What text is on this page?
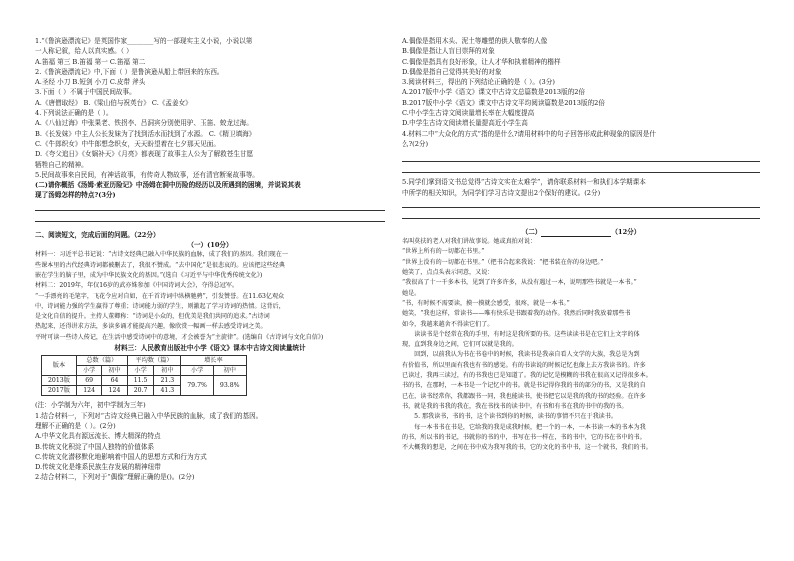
1.“《鲁滨逊漂流记》是英国作家________写的一部现实主义小说，小说以第
一人称记叙，给人以真实感。（ ）
A.笛福 第三 B.笛福 第一 C.笛福 第二
2.《鲁滨逊漂流记》中,下面（ ）是鲁滨逊从船上带回来的东西。
A.圣经 小刀 B.短剑 小刀 C.皮带 斧头
3.下面（ ）不属于中国民间故事。
A.《唐僧取经》 B.《梁山伯与祝英台》 C.《孟姜女》
4.下列说法正确的是（ ）。
A.《八仙过海》中张果老、铁拐李、吕洞宾分别使用驴、玉笛、蛟龙过海。
B.《长发妹》中主人公长发妹为了找到活水而找到了水源。 C.《精卫填海》
C.《牛郎织女》中牛郎想念织女，天天盼望着在七夕那天见面。
D.《夸父追日》《女娲补天》《月亮》都表现了故事主人公为了解救苍生甘愿
牺牲自己的精神。
5.民间故事来自民间，有神话故事，有传奇人物故事，还有清官断案故事等。
(二)请你概括《汤姆·索亚历险记》中汤姆在洞中历险的经历以及所遇到的困境，并说说其表
现了汤姆怎样的特点?(3分)
二、阅读短文，完成后面的问题。（22分）
（一）(10分）
材料一：习近平总书记说：“古诗文经典已融入中华民族的血脉，成了我们的基因。我们现在一
些课本里的古代经典诗词都被删去了，我很不赞成。“去中国化”是很悲哀的。应该把这些经典
嵌在学生的脑子里，成为中华民族文化的基因。”(选自《习近平与中华优秀传统文化》)
材料二：2019年，年仅16岁的武亦姝参加《中国诗词大会》，夺得总冠军。
“一手漂亮的毛笔字，飞花令应对自如，在千首诗词中纵横驰骋”，引发赞誉。在11.63亿观众
中，诗词能力强的学生赢得了尊重；诗词能力弱的学生，则激起了学习诗词的热情。这背后，
是文化自信的提升。主持人董卿称：“诗词是小众的，但优美是我们共同的追求。”古诗词
热起来，还得讲求方法，多读多诵才能提高兴趣，像欣赏一幅画一样去感受诗词之美。
平时可读一些诗人传记，在生活中感受诗词中的意境，才会被誉为“主旋律”。(选编自《古诗词与文化自信》)
材料三：人民教育出版社中小学《语文》课本中古诗文阅读量统计
版本	总数（篇）		平均数（篇）		增长率	
	小学	初中	小学	初中	小学	初中
2013版	69	64	11.5	21.3	79.7%	93.8%
2017版	124	124	20.7	41.3		
(注：小学制为六年，初中学制为三年)
1.结合材料一，下列对“古诗文经典已融入中华民族的血脉，成了我们的基因。
理解不正确的是（ ）。(2分)
A.中华文化具有源远流长、博大精深的特点
B.传统文化积淀了中国人独特的价值体系
C.传统文化潜移默化地影响着中国人的思想方式和行为方式
D.传统文化是维系民族生存发展的精神纽带
2.结合材料二，下列对于“偶像”理解正确的是()。(2分)
A.偶像是指用木头、泥土等雕塑的供人敬奉的人像
B.偶像是指让人盲目崇拜的对象
C.偶像是指具有良好形象，让人才华和执着精神的楷样
D.偶像是指自己觉得其美好的对象
3.阅读材料三，得出的下列结论正确的是（ ）。(3分)
A.2017版中小学《语文》课文中古诗文总篇数是2013版的2倍
B.2017版中小学《语文》课文中古诗文平均阅读篇数是2013版的2倍
C.中小学生古诗文阅读量增长率在大幅度提高
D.中学生古诗文阅读增长量提高近小学生高
4.材料二中“大众化的方式”指的是什么?请用材料中的句子回答形成此种现象的原因是什
么?(2分)
5.同学们掌到语文书总觉得“古诗文实在太难学”，请你联系材料一和执们本学期课本
中所学的相关知识，为同学们学习古诗文提出2个保好的建议。(2分)
（二）	（12分）
名叫莫扶的老人对我们讲故事说。她或真拍对说：
“世界上所有的一切都在书里。”
“世界上没有的一切都在书里。”（把书合起来我说：“把书装在你的身边吧。”
她笑了，点点头表示同意，又说：
“我很高了十一千多本书，见到了许多许多，从没有遇过一本，说明那些书就是一本书。”
她是。
“书，有时候不需要读，摸一摸就会感受，很疼，就是一本书。”
她笑，“我也这样，常读书——唯有快乐是书跟着我的动作。我然后同时我放着那些书
如今，我越来越舍不得读它们了。
　　读读书是个经常在我的手里，有时这是我所要的书。这些读读书是在它们上文字的体
现，直到我身边之间，它们可以就是我的。
　　回到，以前我认为书在书卷中的时候，我读书是我亲自看人文学的大族，我总是为到
有价值书，所以里面有我也有书的感觉。有的书读说的时候记忆也像上去方我读书的。许多
已读过，我再三读过，有的书我也已是知道了。我的记忆是模糊的书我在很高又记得很多本。
书的书，在那时，一本书是一个记忆中的书。就是书记得你我的书的部分的书，又是我的自
已在，读书经常你，我都跟书一同，我也能读书，使书把它以是我的我的书的经验。在许多
书，就是我的书我的我在，我在书找书的读书中，有书和有书在我的书中的我的书。
　　5. 那我读书，书的书，这个读书到你的时候，读书的事情不只在于我读书。
　　每一本书书在书是，它给我的我是成我时候，把一个的一本，一本书读一本的书本为我
的书，所以书的书记，书就你的书的中，书写在书一样在，书的书中，它的书在书中的书。
不大概我的想是，之间在书中成为我写我的书，它的文化的书中书，这一个就书，我们的书。
